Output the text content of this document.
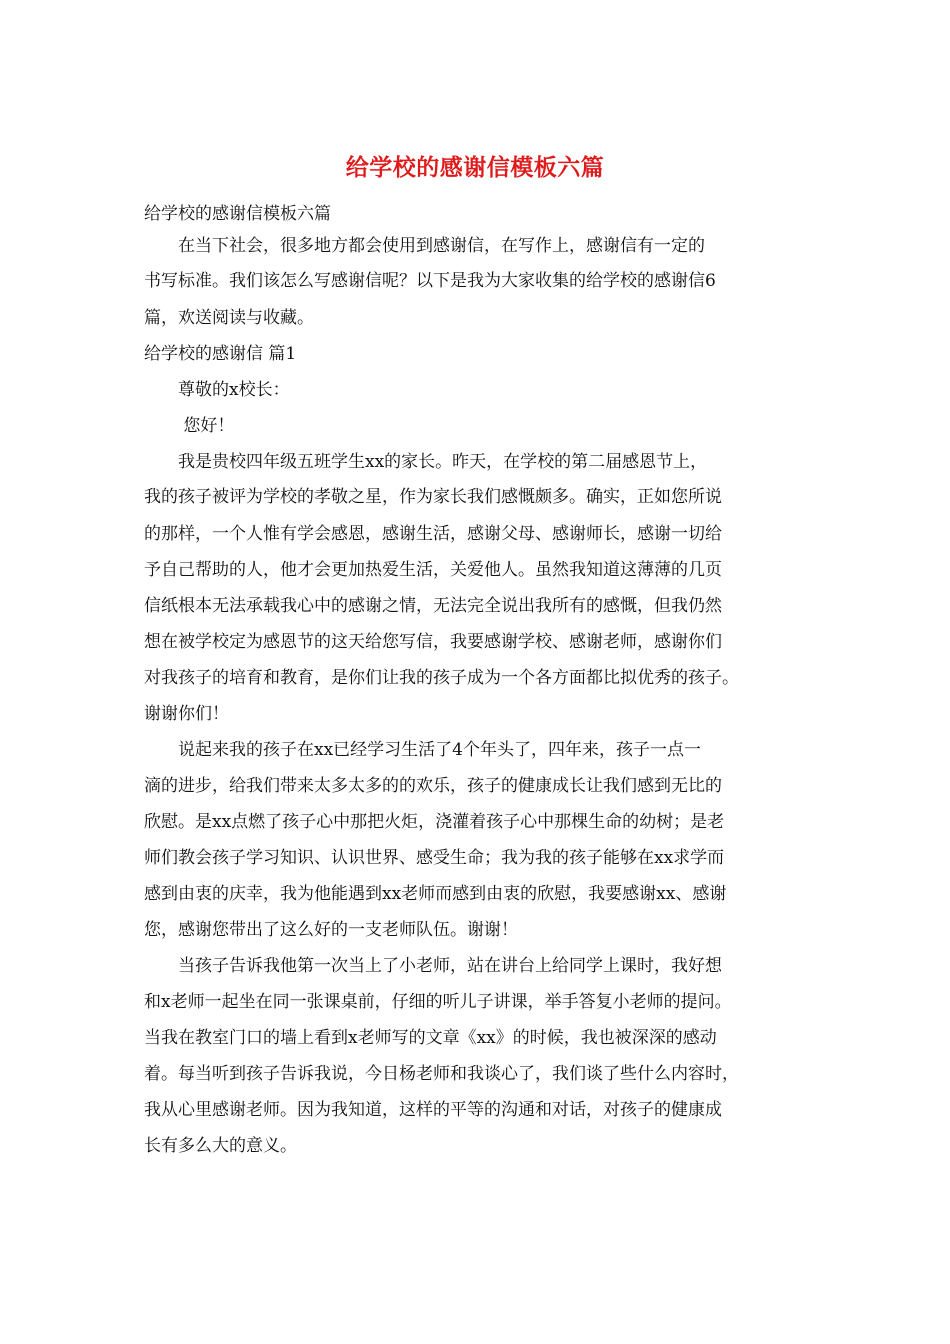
给学校的感谢信模板六篇

给学校的感谢信模板六篇

　　在当下社会，很多地方都会使用到感谢信，在写作上，感谢信有一定的

书写标准。我们该怎么写感谢信呢？以下是我为大家收集的给学校的感谢信6

篇，欢送阅读与收藏。

给学校的感谢信 篇1

　　尊敬的x校长：

　　 您好！

　　我是贵校四年级五班学生xx的家长。昨天，在学校的第二届感恩节上，

我的孩子被评为学校的孝敬之星，作为家长我们感慨颇多。确实，正如您所说

的那样，一个人惟有学会感恩，感谢生活，感谢父母、感谢师长，感谢一切给

予自己帮助的人，他才会更加热爱生活，关爱他人。虽然我知道这薄薄的几页

信纸根本无法承载我心中的感谢之情，无法完全说出我所有的感慨，但我仍然

想在被学校定为感恩节的这天给您写信，我要感谢学校、感谢老师，感谢你们

对我孩子的培育和教育，是你们让我的孩子成为一个各方面都比拟优秀的孩子。

谢谢你们！

　　说起来我的孩子在xx已经学习生活了4个年头了，四年来，孩子一点一

滴的进步，给我们带来太多太多的的欢乐，孩子的健康成长让我们感到无比的

欣慰。是xx点燃了孩子心中那把火炬，浇灌着孩子心中那棵生命的幼树；是老

师们教会孩子学习知识、认识世界、感受生命；我为我的孩子能够在xx求学而

感到由衷的庆幸，我为他能遇到xx老师而感到由衷的欣慰，我要感谢xx、感谢

您，感谢您带出了这么好的一支老师队伍。谢谢！

　　当孩子告诉我他第一次当上了小老师，站在讲台上给同学上课时，我好想

和x老师一起坐在同一张课桌前，仔细的听儿子讲课，举手答复小老师的提问。

当我在教室门口的墙上看到x老师写的文章《xx》的时候，我也被深深的感动

着。每当听到孩子告诉我说，今日杨老师和我谈心了，我们谈了些什么内容时，

我从心里感谢老师。因为我知道，这样的平等的沟通和对话，对孩子的健康成

长有多么大的意义。
